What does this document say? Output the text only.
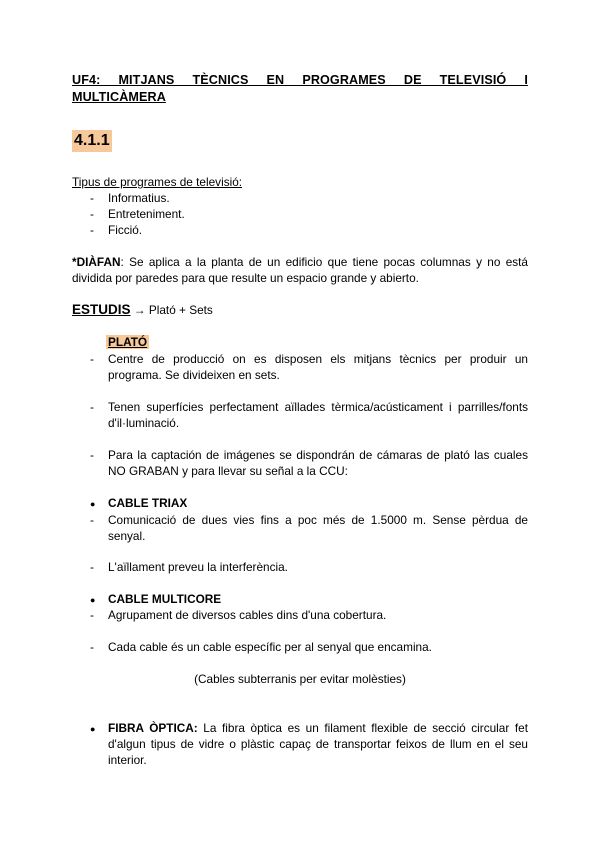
UF4: MITJANS TÈCNICS EN PROGRAMES DE TELEVISIÓ I
MULTICÀMERA
4.1.1
Tipus de programes de televisió:
- Informatius.
- Entreteniment.
- Ficció.
*DIÀFAN: Se aplica a la planta de un edificio que tiene pocas columnas y no está dividida por paredes para que resulte un espacio grande y abierto.
ESTUDIS → Plató + Sets
PLATÓ
- Centre de producció on es disposen els mitjans tècnics per produir un programa. Se divideixen en sets.
- Tenen superfícies perfectament aïllades tèrmica/acústicament i parrilles/fonts d'il·luminació.
- Para la captación de imágenes se dispondrán de cámaras de plató las cuales NO GRABAN y para llevar su señal a la CCU:
● CABLE TRIAX
- Comunicació de dues vies fins a poc més de 1.5000 m. Sense pèrdua de senyal.
- L'aïllament preveu la interferència.
● CABLE MULTICORE
- Agrupament de diversos cables dins d'una cobertura.
- Cada cable és un cable específic per al senyal que encamina.
(Cables subterranis per evitar molèsties)
● FIBRA ÒPTICA: La fibra òptica es un filament flexible de secció circular fet d'algun tipus de vidre o plàstic capaç de transportar feixos de llum en el seu interior.
